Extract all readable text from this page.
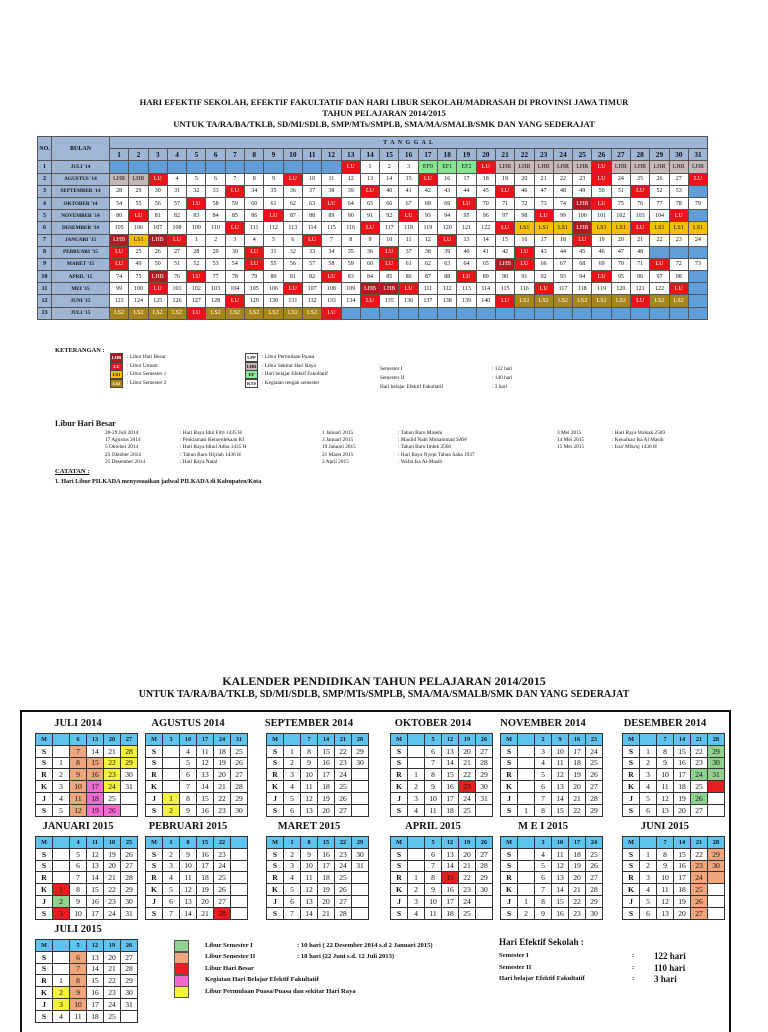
HARI EFEKTIF SEKOLAH, EFEKTIF FAKULTATIF DAN HARI LIBUR SEKOLAH/MADRASAH DI PROVINSI JAWA TIMUR
TAHUN PELAJARAN 2014/2015
UNTUK TA/RA/BA/TKLB, SD/MI/SDLB, SMP/MTs/SMPLB, SMA/MA/SMALB/SMK DAN YANG SEDERAJAT
NO.	BULAN	T A N G G A L																														
		1	2	3	4	5	6	7	8	9	10	11	12	13	14	15	16	17	18	19	20	21	22	23	24	25	26	27	28	29	30	31
1	JULI '14													LU	1	2	3	EF0	EF1	EF2	LU	LHR	LHR	LHR	LHR	LHR	LU	LHR	LHR	LHR	LHR	LHR
2	AGUSTUS '14	LHR	LHR	LU	4	5	6	7	8	9	LU	10	11	12	13	14	15	LU	16	17	18	19	20	21	22	23	LU	24	25	26	27	LU
3	SEPTEMBER '14	28	29	30	31	32	33	LU	34	35	36	37	38	39	LU	40	41	42	43	44	45	LU	46	47	48	49	50	51	LU	52	53	
4	OKTOBER '14	54	55	56	57	LU	58	59	60	61	62	63	LU	64	65	66	67	68	69	LU	70	71	72	73	74	LHB	LU	75	76	77	78	79
5	NOVEMBER '14	80	LU	81	82	83	84	85	86	LU	87	88	89	90	91	92	LU	93	94	95	96	97	98	LU	99	100	101	102	103	104	LU	
6	DESEMBER '14	105	106	107	108	109	110	LU	111	112	113	114	115	116	LU	117	118	119	120	121	122	LU	LS1	LS1	LS1	LHB	LS1	LS1	LU	LS1	LS1	LS1
7	JANUARI '15	LHB	LS1	LHB	LU	1	2	3	4	5	6	LU	7	8	9	10	11	12	LU	13	14	15	16	17	18	LU	19	20	21	22	23	24
8	PEBRUARI '15	LU	25	26	27	28	29	30	LU	31	32	33	34	35	36	LU	37	38	39	40	41	42	LU	43	44	45	46	47	48			
9	MARET '15	LU	49	50	51	52	53	54	LU	55	56	57	58	59	60	LU	61	62	63	64	65	LHB	LU	66	67	68	69	70	71	LU	72	73
10	APRIL '15	74	75	LHB	76	LU	77	78	79	80	81	82	LU	83	84	85	86	87	88	LU	89	90	91	92	93	94	LU	95	96	97	98	
11	MEI '15	99	100	LU	101	102	103	104	105	106	LU	107	108	109	LHB	LHB	LU	111	112	113	114	115	116	LU	117	118	119	120	121	122	LU	
12	JUNI '15	123	124	125	126	127	128	LU	129	130	131	132	133	134	LU	135	136	137	138	139	140	LU	LS2	LS2	LS2	LS2	LS2	LS2	LU	LS2	LS2	
13	JULI '15	LS2	LS2	LS2	LS2	LU	LS2	LS2	LS2	LS2	LS2	LS2	LU																			
KETERANGAN :
LHB	: Libur Hari Besar
LU	: Libur Umum
LS1	: Libur Semester 1
LS2	: Libur Semester 2
LPP	: Libur Permulaan Puasa
LHR	: Libur Sekitar Hari Raya
EF	: Hari belajar Efektif Fakultatif
KTS	: Kegiatan tengah semester
Semester I	: 122 hari
Semester II	: 140 hari
Hari belajar Efektif Fakultatif	: 3 hari
Libur Hari Besar
28-29 Juli 2014	: Hari Raya Idul Fitri 1435 H
17 Agustus 2014	: Proklamasi Kemerdekaan RI
5 Oktober 2014	: Hari Raya Idhul Adha 1435 H
25 Oktober 2014	: Tahun Baru Hijriah 1436 H
25 Desember 2014	: Hari Raya Natal
1 Januari 2015	: Tahun Baru Masehi
3 Januari 2015	: Maulid Nabi Muhammad SAW
19 Januari 2015	: Tahun Baru Imlek 2566
21 Maret 2015	: Hari Raya Nyepi Tahun Saka 1937
3 April 2015	: Wafat Isa Al-Masih
3 Mei 2015	: Hari Raya Waisak 2569
14 Mei 2015	: Kenaikan Isa Al Masih
15 Mei 2015	: Isra' Mikroj 1436 H
CATATAN :
1. Hari Libur PILKADA menyesuaikan jadwal PILKADA di Kabupaten/Kota
KALENDER PENDIDIKAN TAHUN PELAJARAN 2014/2015
UNTUK TA/RA/BA/TKLB, SD/MI/SDLB, SMP/MTs/SMPLB, SMA/MA/SMALB/SMK DAN YANG SEDERAJAT
JULI 2014
M		6	13	20	27
S		7	14	21	28
S	1	8	15	22	29
R	2	9	16	23	30
K	3	10	17	24	31
J	4	11	18	25	
S	5	12	19	26	
AGUSTUS 2014
M	3	10	17	24	31
S		4	11	18	25
S		5	12	19	26
R		6	13	20	27
K		7	14	21	28
J	1	8	15	22	29
S	2	9	16	23	30
SEPTEMBER 2014
M		7	14	21	28
S	1	8	15	22	29
S	2	9	16	23	30
R	3	10	17	24	
K	4	11	18	25	
J	5	12	19	26	
S	6	13	20	27	
OKTOBER 2014
M		5	12	19	26
S		6	13	20	27
S		7	14	21	28
R	1	8	15	22	29
K	2	9	16	23	30
J	3	10	17	24	31
S	4	11	18	25	
NOVEMBER 2014
M		2	9	16	23
S		3	10	17	24
S		4	11	18	25
R		5	12	19	26
K		6	13	20	27
J		7	14	21	28
S	1	8	15	22	29
DESEMBER 2014
M		7	14	21	28
S	1	8	15	22	29
S	2	9	16	23	30
R	3	10	17	24	31
K	4	11	18	25	
J	5	12	19	26	
S	6	13	20	27	
JANUARI 2015
M		4	11	18	25
S		5	12	19	26
S		6	13	20	27
R		7	14	21	28
K	1	8	15	22	29
J	2	9	16	23	30
S	3	10	17	24	31
PEBRUARI 2015
M	1	8	15	22	
S	2	9	16	23	
S	3	10	17	24	
R	4	11	18	25	
K	5	12	19	26	
J	6	13	20	27	
S	7	14	21	28	
MARET 2015
M	1	8	15	22	29
S	2	9	16	23	30
S	3	10	17	24	31
R	4	11	18	25	
K	5	12	19	26	
J	6	13	20	27	
S	7	14	21	28	
APRIL 2015
M		5	12	19	26
S		6	13	20	27
S		7	14	21	28
R	1	8	15	22	29
K	2	9	16	23	30
J	3	10	17	24	
S	4	11	18	25	
M E I 2015
M		3	10	17	24
S		4	11	18	25
S		5	12	19	26
R		6	13	20	27
K		7	14	21	28
J	1	8	15	22	29
S	2	9	16	23	30
JUNI 2015
M		7	14	21	28
S	1	8	15	22	29
S	2	9	16	23	30
R	3	10	17	24	
K	4	11	18	25	
J	5	12	19	26	
S	6	13	20	27	
JULI 2015
M		5	12	19	26
S		6	13	20	27
S		7	14	21	28
R	1	8	15	22	29
K	2	9	16	23	30
J	3	10	17	24	31
S	4	11	18	25	
Libur Semester I	: 10 hari ( 22 Desember 2014 s.d 2 Januari 2015)
Libur Semester II	: 18 hari (22 Juni s.d. 12 Juli 2013)
Libur Hari Besar
Kegiatan Hari Belajar Efektif Fakultatif
Libur Permulaan Puasa/Puasa dan sekitar Hari Raya
Hari Efektif Sekolah :
Semester I	: 122 hari
Semester II	: 110 hari
Hari belajar Efektif Fakultatif	: 3 hari
